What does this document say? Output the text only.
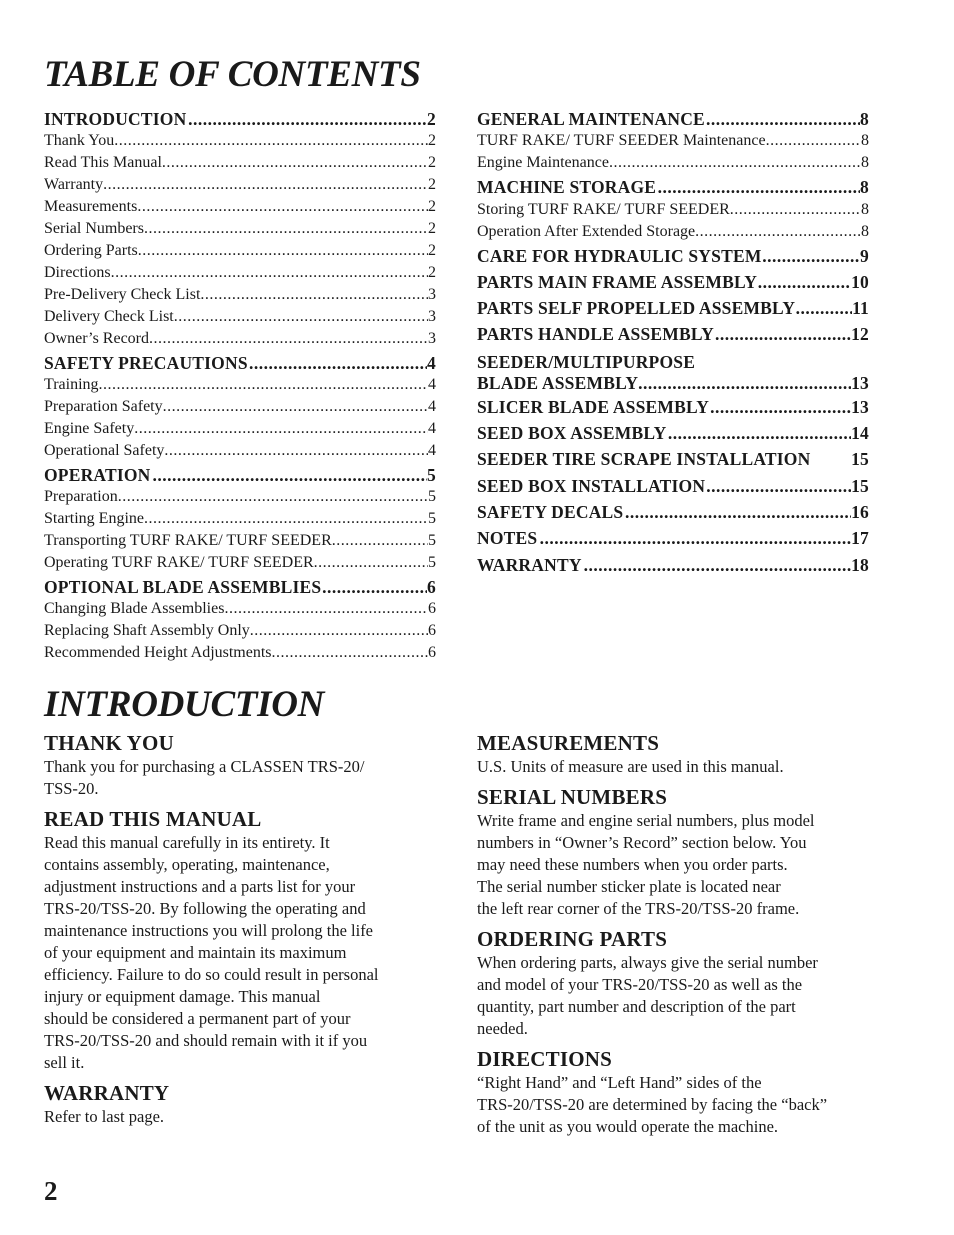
TABLE OF CONTENTS
INTRODUCTION .....	2
Thank You .....	2
Read This Manual .....	2
Warranty .....	2
Measurements .....	2
Serial Numbers .....	2
Ordering Parts .....	2
Directions .....	2
Pre-Delivery Check List .....	3
Delivery Check List .....	3
Owner’s Record .....	3
SAFETY PRECAUTIONS .....	4
Training .....	4
Preparation Safety .....	4
Engine Safety .....	4
Operational Safety .....	4
OPERATION .....	5
Preparation .....	5
Starting Engine .....	5
Transporting TURF RAKE/ TURF SEEDER .....	5
Operating TURF RAKE/ TURF SEEDER .....	5
OPTIONAL BLADE ASSEMBLIES .....	6
Changing Blade Assemblies .....	6
Replacing Shaft Assembly Only .....	6
Recommended Height Adjustments .....	6
GENERAL MAINTENANCE .....	8
TURF RAKE/ TURF SEEDER Maintenance .....	8
Engine Maintenance .....	8
MACHINE STORAGE .....	8
Storing TURF RAKE/ TURF SEEDER .....	8
Operation After Extended Storage .....	8
CARE FOR HYDRAULIC SYSTEM .....	9
PARTS MAIN FRAME ASSEMBLY .....	10
PARTS SELF PROPELLED ASSEMBLY .....	11
PARTS HANDLE ASSEMBLY .....	12
SEEDER/MULTIPURPOSE
BLADE ASSEMBLY .....	13
SLICER BLADE ASSEMBLY .....	13
SEED BOX ASSEMBLY .....	14
SEEDER TIRE SCRAPE INSTALLATION 15
SEED BOX INSTALLATION .....	15
SAFETY DECALS .....	16
NOTES .....	17
WARRANTY .....	18
INTRODUCTION
THANK YOU
Thank you for purchasing a CLASSEN TRS-20/
TSS-20.
READ THIS MANUAL
Read this manual carefully in its entirety. It
contains assembly, operating, maintenance,
adjustment instructions and a parts list for your
TRS-20/TSS-20. By following the operating and
maintenance instructions you will prolong the life
of your equipment and maintain its maximum
efficiency. Failure to do so could result in personal
injury or equipment damage. This manual
should be considered a permanent part of your
TRS-20/TSS-20 and should remain with it if you
sell it.
WARRANTY
Refer to last page.
MEASUREMENTS
U.S. Units of measure are used in this manual.
SERIAL NUMBERS
Write frame and engine serial numbers, plus model
numbers in “Owner’s Record” section below. You
may need these numbers when you order parts.
The serial number sticker plate is located near
the left rear corner of the TRS-20/TSS-20 frame.
ORDERING PARTS
When ordering parts, always give the serial number
and model of your TRS-20/TSS-20 as well as the
quantity, part number and description of the part
needed.
DIRECTIONS
“Right Hand” and “Left Hand” sides of the
TRS-20/TSS-20 are determined by facing the “back”
of the unit as you would operate the machine.
2
